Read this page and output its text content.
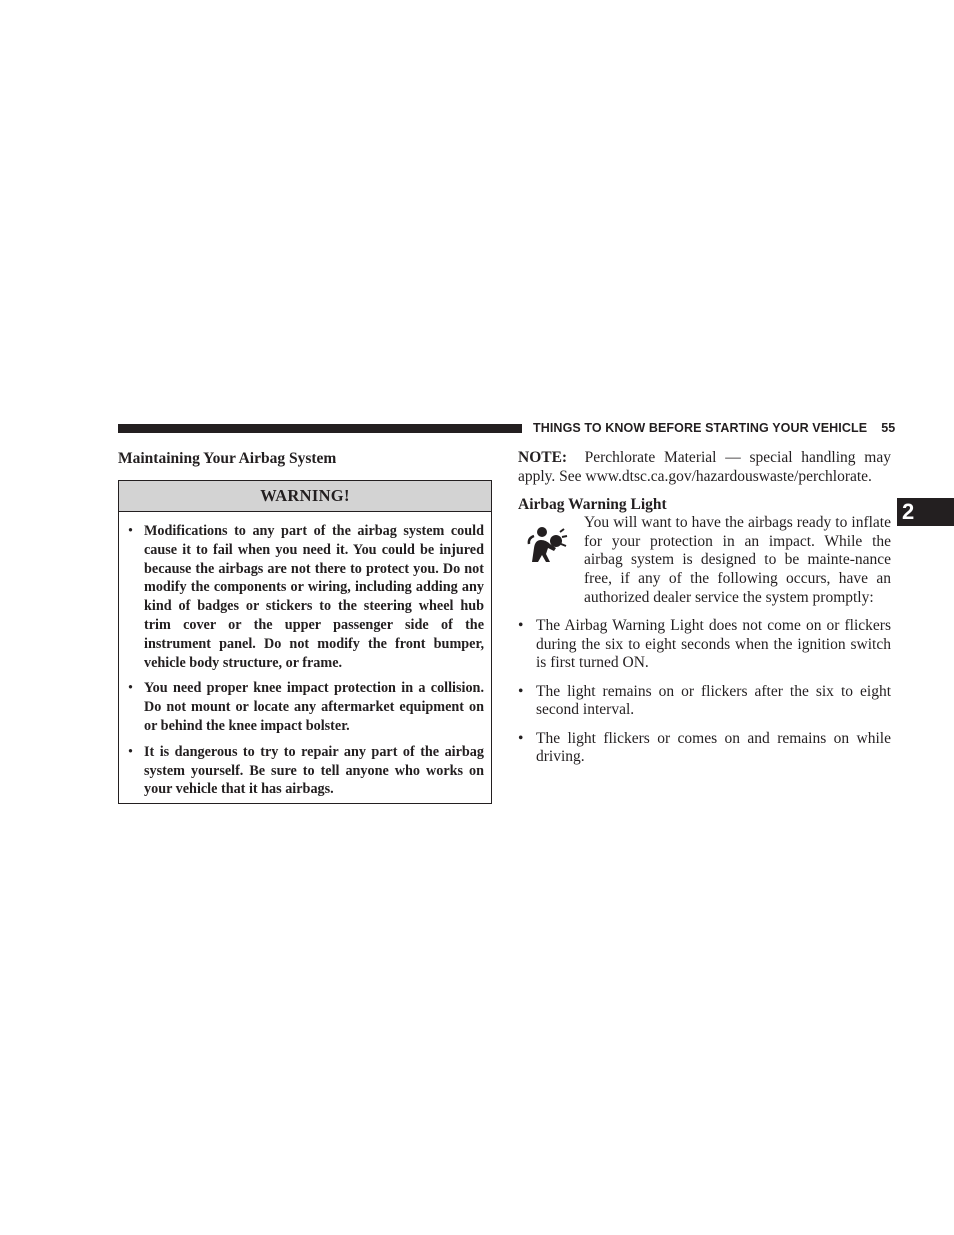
THINGS TO KNOW BEFORE STARTING YOUR VEHICLE 55
2
Maintaining Your Airbag System
WARNING!
• Modifications to any part of the airbag system could cause it to fail when you need it. You could be injured because the airbags are not there to protect you. Do not modify the components or wiring, including adding any kind of badges or stickers to the steering wheel hub trim cover or the upper passenger side of the instrument panel. Do not modify the front bumper, vehicle body structure, or frame.
• You need proper knee impact protection in a collision. Do not mount or locate any aftermarket equipment on or behind the knee impact bolster.
• It is dangerous to try to repair any part of the airbag system yourself. Be sure to tell anyone who works on your vehicle that it has airbags.
NOTE: Perchlorate Material — special handling may apply. See www.dtsc.ca.gov/hazardouswaste/perchlorate.
Airbag Warning Light
You will want to have the airbags ready to inflate for your protection in an impact. While the airbag system is designed to be mainte-nance free, if any of the following occurs, have an authorized dealer service the system promptly:
• The Airbag Warning Light does not come on or flickers during the six to eight seconds when the ignition switch is first turned ON.
• The light remains on or flickers after the six to eight second interval.
• The light flickers or comes on and remains on while driving.
